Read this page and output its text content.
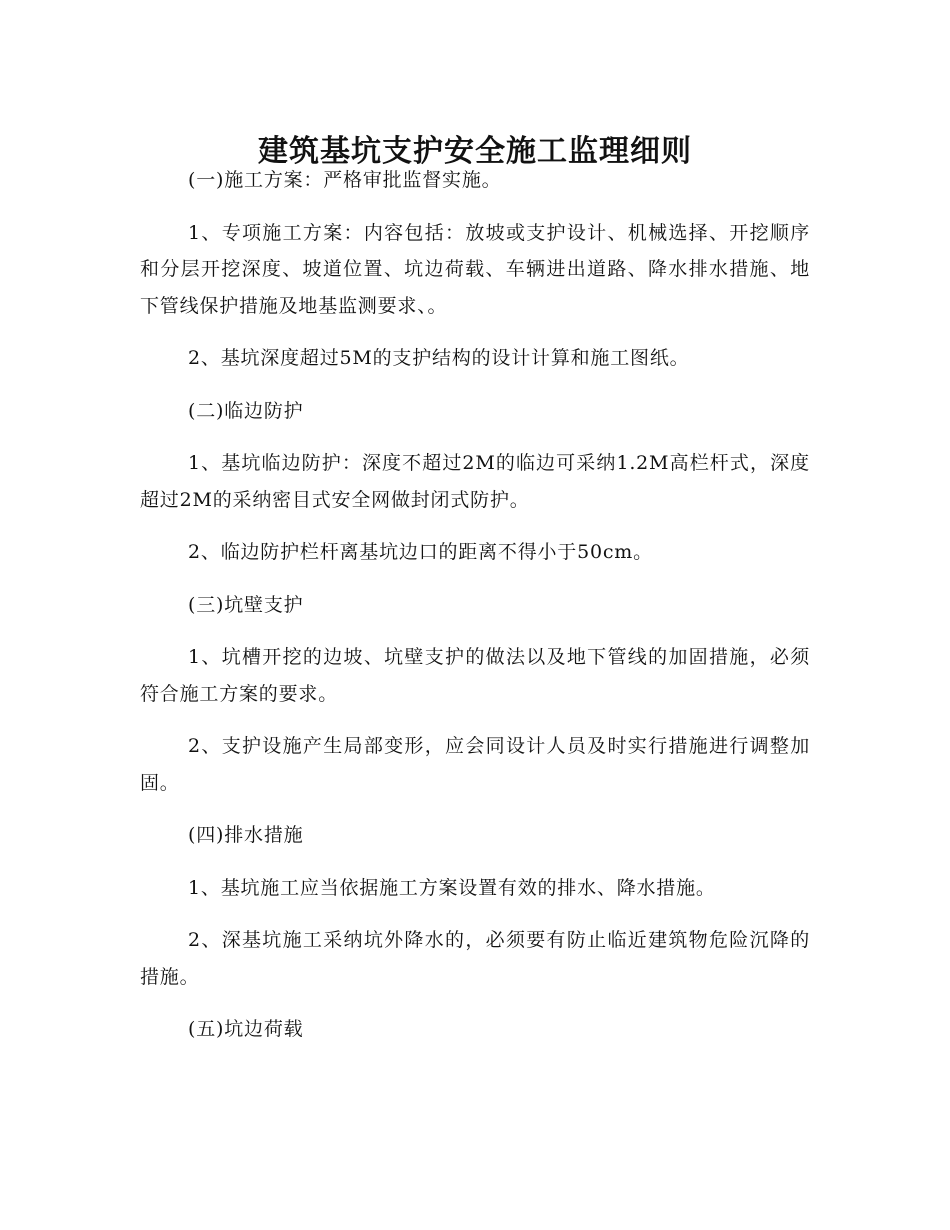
建筑基坑支护安全施工监理细则

(一)施工方案：严格审批监督实施。

1、专项施工方案：内容包括：放坡或支护设计、机械选择、开挖顺序和分层开挖深度、坡道位置、坑边荷载、车辆进出道路、降水排水措施、地下管线保护措施及地基监测要求、。

2、基坑深度超过5M的支护结构的设计计算和施工图纸。

(二)临边防护

1、基坑临边防护：深度不超过2M的临边可采纳1.2M高栏杆式，深度超过2M的采纳密目式安全网做封闭式防护。

2、临边防护栏杆离基坑边口的距离不得小于50cm。

(三)坑壁支护

1、坑槽开挖的边坡、坑壁支护的做法以及地下管线的加固措施，必须符合施工方案的要求。

2、支护设施产生局部变形，应会同设计人员及时实行措施进行调整加固。

(四)排水措施

1、基坑施工应当依据施工方案设置有效的排水、降水措施。

2、深基坑施工采纳坑外降水的，必须要有防止临近建筑物危险沉降的措施。

(五)坑边荷载
